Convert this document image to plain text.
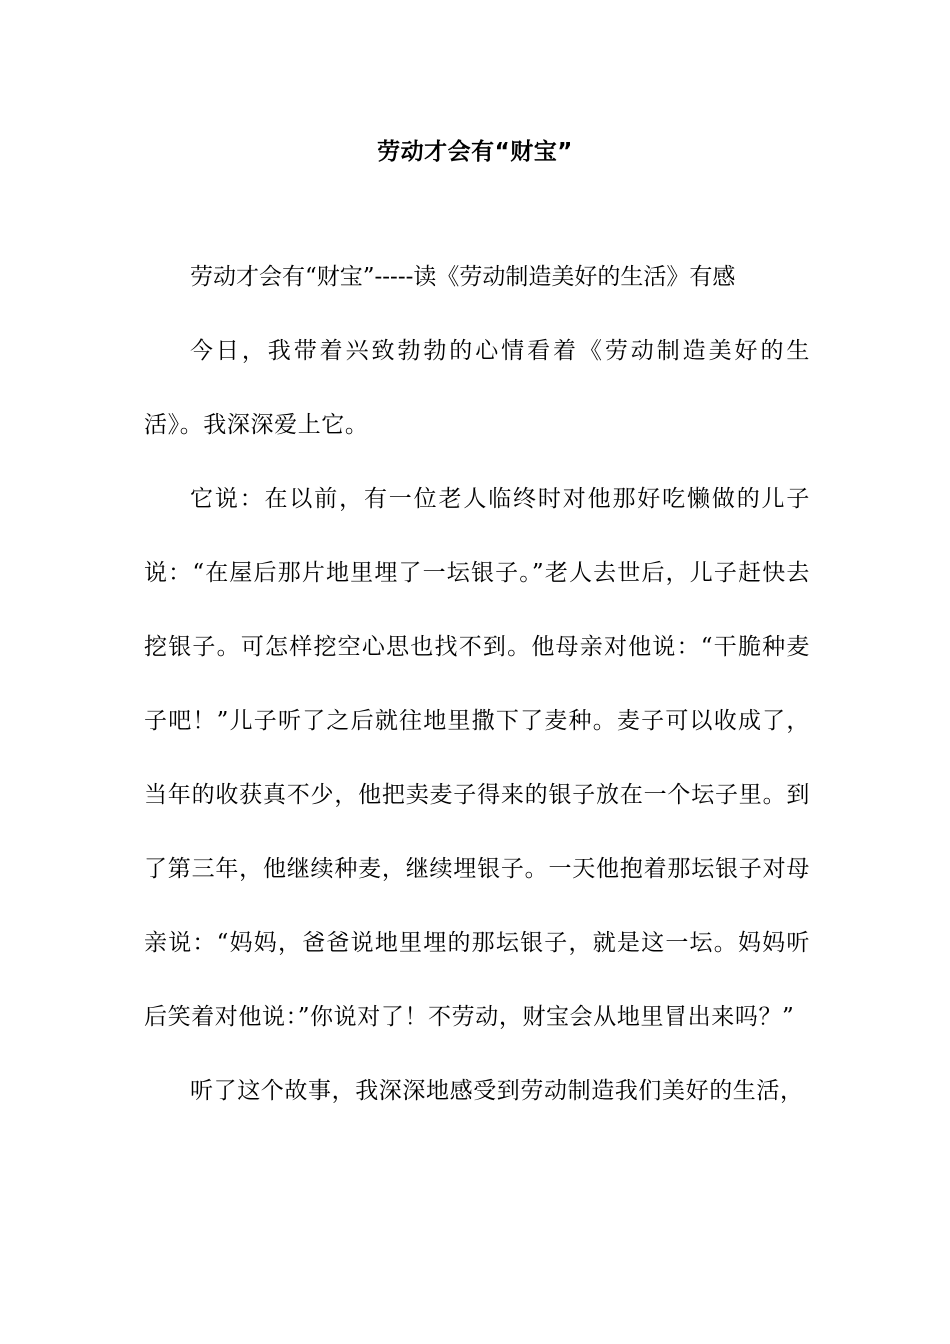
劳动才会有“财宝”

劳动才会有“财宝”-----读《劳动制造美好的生活》有感

今日，我带着兴致勃勃的心情看着《劳动制造美好的生活》。我深深爱上它。

它说：在以前，有一位老人临终时对他那好吃懒做的儿子说：“在屋后那片地里埋了一坛银子。”老人去世后，儿子赶快去挖银子。可怎样挖空心思也找不到。他母亲对他说：“干脆种麦子吧！”儿子听了之后就往地里撒下了麦种。麦子可以收成了，当年的收获真不少，他把卖麦子得来的银子放在一个坛子里。到了第三年，他继续种麦，继续埋银子。一天他抱着那坛银子对母亲说：“妈妈，爸爸说地里埋的那坛银子，就是这一坛。妈妈听后笑着对他说：”你说对了！不劳动，财宝会从地里冒出来吗？”

听了这个故事，我深深地感受到劳动制造我们美好的生活，
